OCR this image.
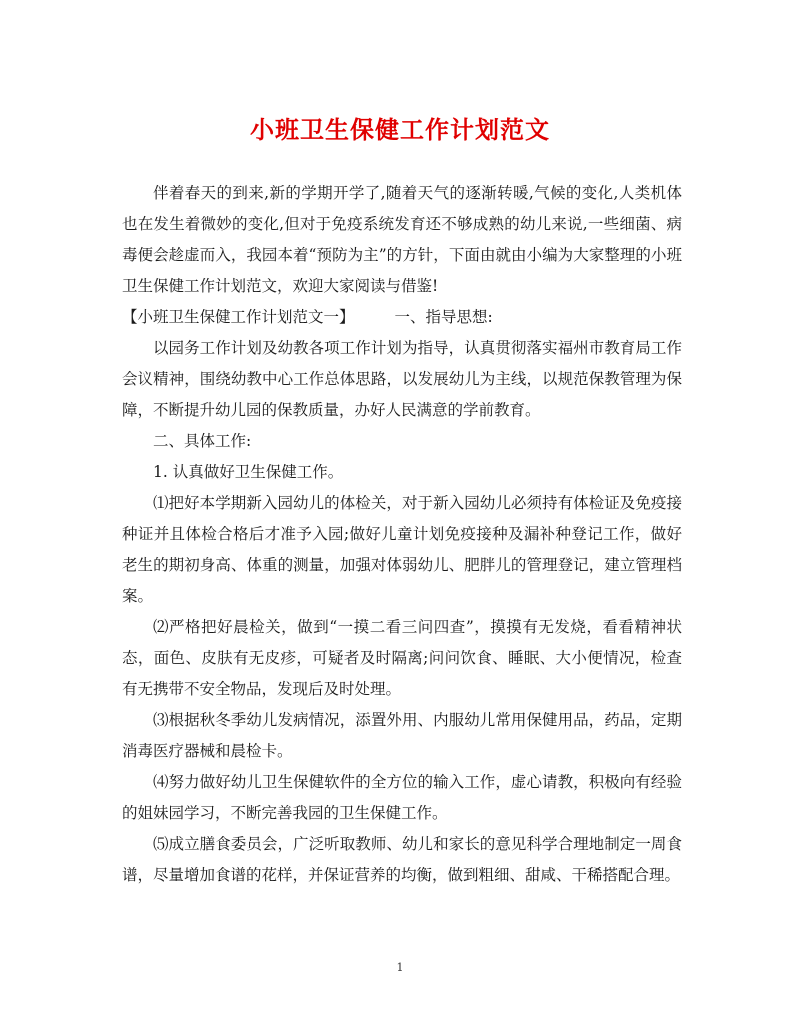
小班卫生保健工作计划范文

伴着春天的到来,新的学期开学了,随着天气的逐渐转暖,气候的变化,人类机体也在发生着微妙的变化,但对于免疫系统发育还不够成熟的幼儿来说,一些细菌、病毒便会趁虚而入，我园本着“预防为主”的方针，下面由就由小编为大家整理的小班卫生保健工作计划范文，欢迎大家阅读与借鉴!

【小班卫生保健工作计划范文一】	一、指导思想:

以园务工作计划及幼教各项工作计划为指导，认真贯彻落实福州市教育局工作会议精神，围绕幼教中心工作总体思路，以发展幼儿为主线，以规范保教管理为保障，不断提升幼儿园的保教质量，办好人民满意的学前教育。

二、具体工作:

1. 认真做好卫生保健工作。

⑴把好本学期新入园幼儿的体检关，对于新入园幼儿必须持有体检证及免疫接种证并且体检合格后才准予入园;做好儿童计划免疫接种及漏补种登记工作，做好老生的期初身高、体重的测量，加强对体弱幼儿、肥胖儿的管理登记，建立管理档案。

⑵严格把好晨检关，做到“一摸二看三问四查”，摸摸有无发烧，看看精神状态，面色、皮肤有无皮疹，可疑者及时隔离;问问饮食、睡眠、大小便情况，检查有无携带不安全物品，发现后及时处理。

⑶根据秋冬季幼儿发病情况，添置外用、内服幼儿常用保健用品，药品，定期消毒医疗器械和晨检卡。

⑷努力做好幼儿卫生保健软件的全方位的输入工作，虚心请教，积极向有经验的姐妹园学习，不断完善我园的卫生保健工作。

⑸成立膳食委员会，广泛听取教师、幼儿和家长的意见科学合理地制定一周食谱，尽量增加食谱的花样，并保证营养的均衡，做到粗细、甜咸、干稀搭配合理。

1
